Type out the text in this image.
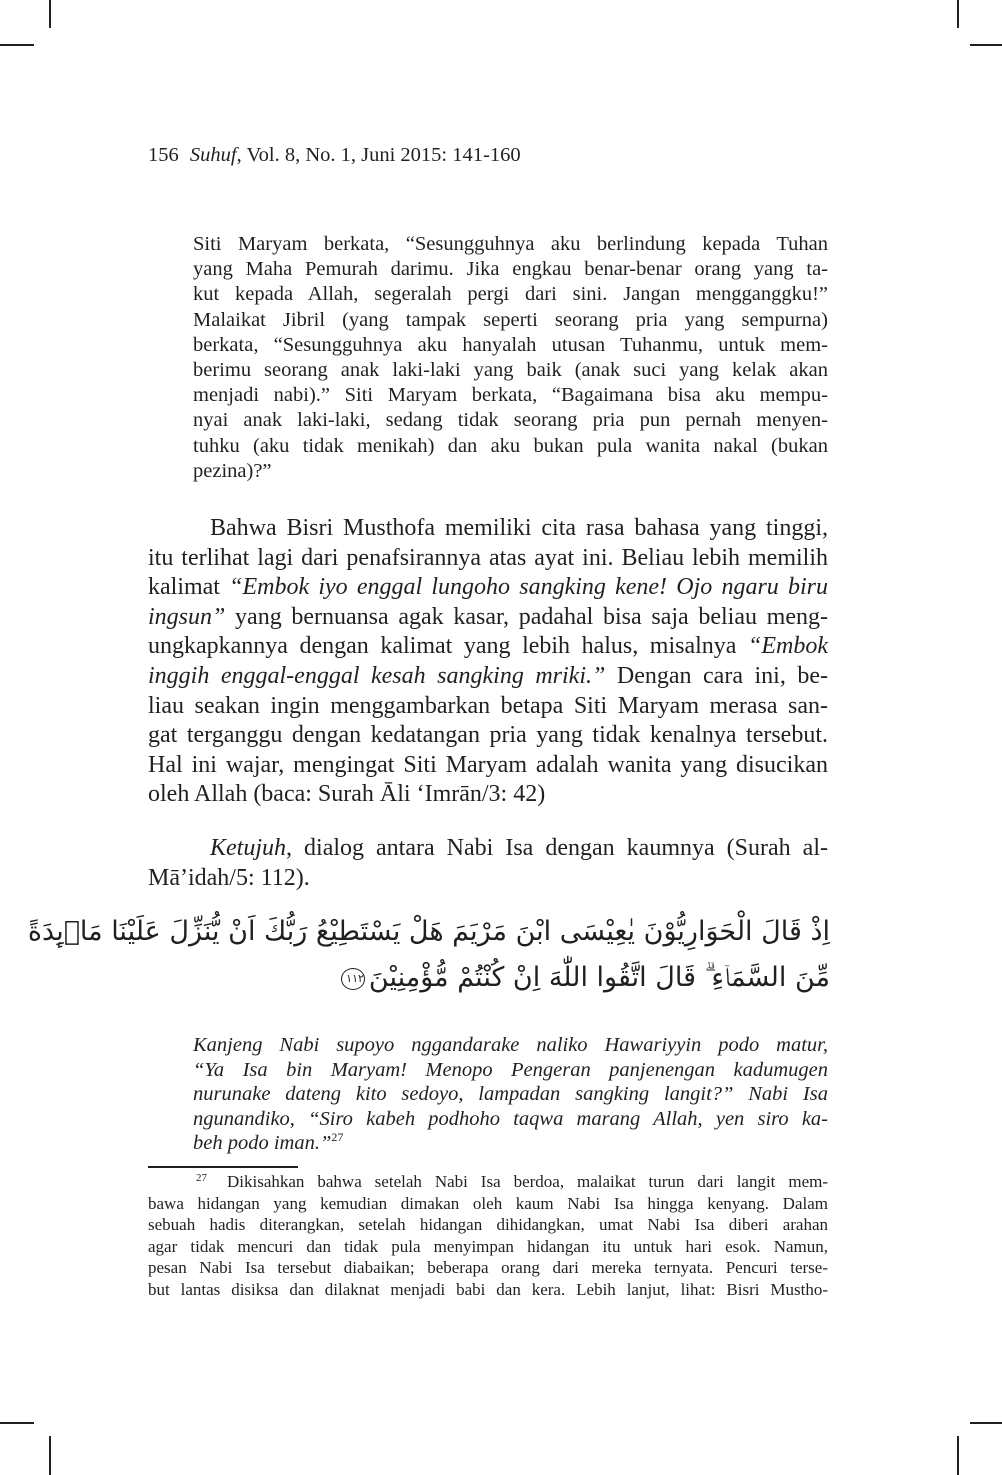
156 Suhuf, Vol. 8, No. 1, Juni 2015: 141-160
Siti Maryam berkata, “Sesungguhnya aku berlindung kepada Tuhan
yang Maha Pemurah darimu. Jika engkau benar-benar orang yang ta-
kut kepada Allah, segeralah pergi dari sini. Jangan mengganggku!”
Malaikat Jibril (yang tampak seperti seorang pria yang sempurna)
berkata, “Sesungguhnya aku hanyalah utusan Tuhanmu, untuk mem-
berimu seorang anak laki-laki yang baik (anak suci yang kelak akan
menjadi nabi).” Siti Maryam berkata, “Bagaimana bisa aku mempu-
nyai anak laki-laki, sedang tidak seorang pria pun pernah menyen-
tuhku (aku tidak menikah) dan aku bukan pula wanita nakal (bukan
pezina)?”
Bahwa Bisri Musthofa memiliki cita rasa bahasa yang tinggi,
itu terlihat lagi dari penafsirannya atas ayat ini. Beliau lebih memilih
kalimat “Embok iyo enggal lungoho sangking kene! Ojo ngaru biru
ingsun” yang bernuansa agak kasar, padahal bisa saja beliau meng-
ungkapkannya dengan kalimat yang lebih halus, misalnya “Embok
inggih enggal-enggal kesah sangking mriki.” Dengan cara ini, be-
liau seakan ingin menggambarkan betapa Siti Maryam merasa san-
gat terganggu dengan kedatangan pria yang tidak kenalnya tersebut.
Hal ini wajar, mengingat Siti Maryam adalah wanita yang disucikan
oleh Allah (baca: Surah Āli ‘Imrān/3: 42)
Ketujuh, dialog antara Nabi Isa dengan kaumnya (Surah al-
Mā’idah/5: 112).
اِذْ قَالَ الْحَوَارِيُّوْنَ يٰعِيْسَى ابْنَ مَرْيَمَ هَلْ يَسْتَطِيْعُ رَبُّكَ اَنْ يُّنَزِّلَ عَلَيْنَا مَاۤىِٕدَةً
مِّنَ السَّمَاۤءِ ۗ قَالَ اتَّقُوا اللّٰهَ اِنْ كُنْتُمْ مُّؤْمِنِيْنَ١١٢
Kanjeng Nabi supoyo nggandarake naliko Hawariyyin podo matur,
“Ya Isa bin Maryam! Menopo Pengeran panjenengan kadumugen
nurunake dateng kito sedoyo, lampadan sangking langit?” Nabi Isa
ngunandiko, “Siro kabeh podhoho taqwa marang Allah, yen siro ka-
beh podo iman.”$^{27}$
$^{27}$ Dikisahkan bahwa setelah Nabi Isa berdoa, malaikat turun dari langit mem-
bawa hidangan yang kemudian dimakan oleh kaum Nabi Isa hingga kenyang. Dalam
sebuah hadis diterangkan, setelah hidangan dihidangkan, umat Nabi Isa diberi arahan
agar tidak mencuri dan tidak pula menyimpan hidangan itu untuk hari esok. Namun,
pesan Nabi Isa tersebut diabaikan; beberapa orang dari mereka ternyata. Pencuri terse-
but lantas disiksa dan dilaknat menjadi babi dan kera. Lebih lanjut, lihat: Bisri Mustho-
